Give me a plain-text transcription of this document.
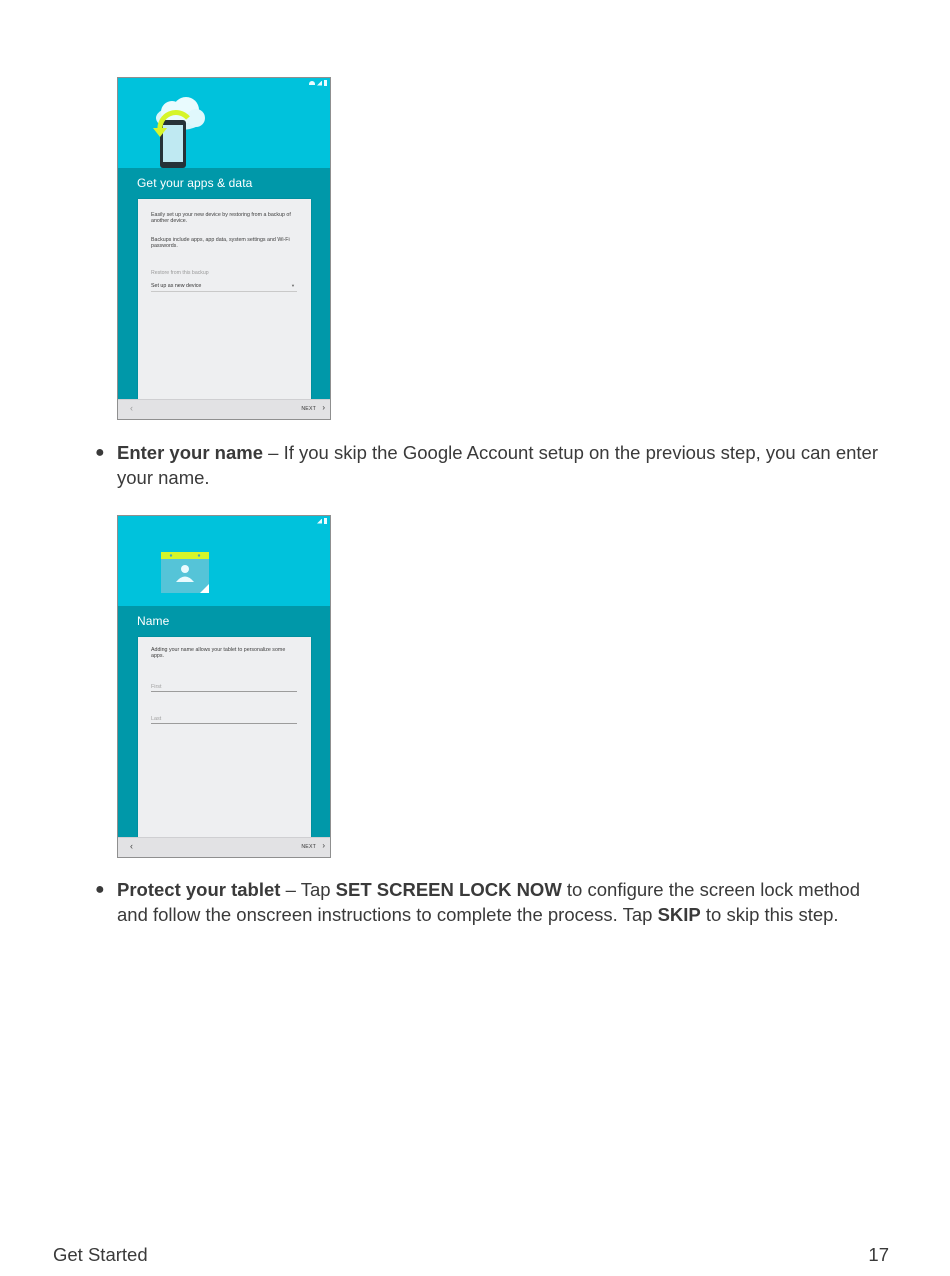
Get your apps & data

Easily set up your new device by restoring from a backup of another device.

Backups include apps, app data, system settings and Wi-Fi passwords.

Restore from this backup
Set up as new device	▼
‹	NEXT ›
● Enter your name – If you skip the Google Account setup on the previous step, you can enter your name.
Name

Adding your name allows your tablet to personalize some apps.

First
Last
‹	NEXT ›
● Protect your tablet – Tap SET SCREEN LOCK NOW to configure the screen lock method and follow the onscreen instructions to complete the process. Tap SKIP to skip this step.
Get Started	17
